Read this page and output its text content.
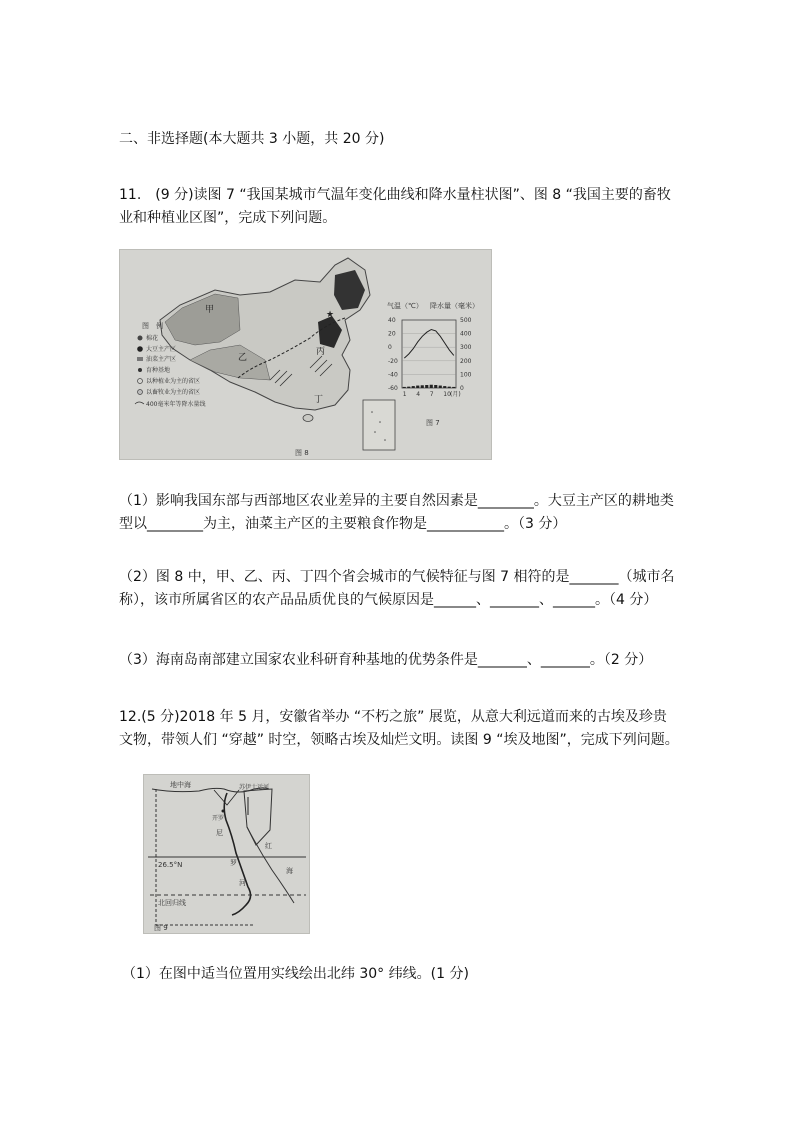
二、非选择题(本大题共 3 小题，共 20 分)

11.　(9 分)读图 7 “我国某城市气温年变化曲线和降水量柱状图”、图 8 “我国主要的畜牧业和种植业区图”，完成下列问题。

★
甲
乙
丙
丁
图　例
棉花
大豆主产区
油菜主产区
育种基地
以种植业为主的省区
以畜牧业为主的省区
400毫米年等降水量线
图 8
气温（℃） 降水量（毫米）
40
20
0
-20
-40
-60
500
400
300
200
100
0
1 4 7 10 (月)
图 7

（1）影响我国东部与西部地区农业差异的主要自然因素是________。大豆主产区的耕地类型以________为主，油菜主产区的主要粮食作物是___________。（3 分）

（2）图 8 中，甲、乙、丙、丁四个省会城市的气候特征与图 7 相符的是_______（城市名称），该市所属省区的农产品品质优良的气候原因是______、_______、______。（4 分）

（3）海南岛南部建立国家农业科研育种基地的优势条件是_______、_______。（2 分）

12.(5 分)2018 年 5 月，安徽省举办 “不朽之旅” 展览，从意大利远道而来的古埃及珍贵文物，带领人们 “穿越” 时空，领略古埃及灿烂文明。读图 9 “埃及地图”，完成下列问题。

地中海	苏伊士运河
开罗
尼
罗
河
红
海
26.5°N
北回归线
图 9

（1）在图中适当位置用实线绘出北纬 30° 纬线。(1 分)
